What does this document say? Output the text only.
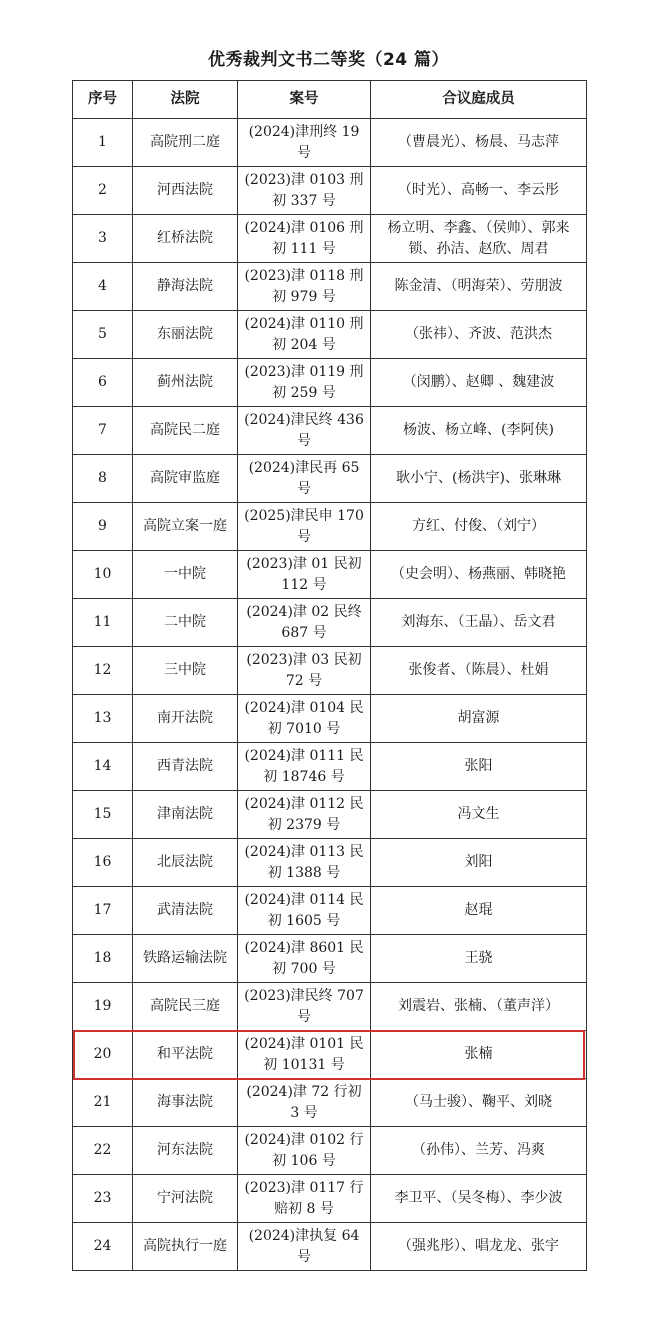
优秀裁判文书二等奖（24 篇）
序号	法院	案号	合议庭成员
1	高院刑二庭	(2024)津刑终 19 号	（曹晨光）、杨晨、马志萍
2	河西法院	(2023)津 0103 刑初 337 号	（时光）、高畅一、李云彤
3	红桥法院	(2024)津 0106 刑初 111 号	杨立明、李鑫、（侯帅）、郭来锁、孙洁、赵欣、周君
4	静海法院	(2023)津 0118 刑初 979 号	陈金清、（明海荣）、劳朋波
5	东丽法院	(2024)津 0110 刑初 204 号	（张祎）、齐波、范洪杰
6	蓟州法院	(2023)津 0119 刑初 259 号	（闵鹏）、赵卿 、魏建波
7	高院民二庭	(2024)津民终 436 号	杨波、杨立峰、(李阿侠)
8	高院审监庭	(2024)津民再 65 号	耿小宁、(杨洪宇)、张琳琳
9	高院立案一庭	(2025)津民申 170 号	方红、付俊、（刘宁）
10	一中院	(2023)津 01 民初 112 号	（史会明）、杨燕丽、韩晓艳
11	二中院	(2024)津 02 民终 687 号	刘海东、（王晶）、岳文君
12	三中院	(2023)津 03 民初 72 号	张俊者、（陈晨）、杜娟
13	南开法院	(2024)津 0104 民初 7010 号	胡富源
14	西青法院	(2024)津 0111 民初 18746 号	张阳
15	津南法院	(2024)津 0112 民初 2379 号	冯文生
16	北辰法院	(2024)津 0113 民初 1388 号	刘阳
17	武清法院	(2024)津 0114 民初 1605 号	赵琨
18	铁路运输法院	(2024)津 8601 民初 700 号	王骁
19	高院民三庭	(2023)津民终 707 号	刘震岩、张楠、（董声洋）
20	和平法院	(2024)津 0101 民初 10131 号	张楠
21	海事法院	(2024)津 72 行初 3 号	（马士骏）、鞠平、刘晓
22	河东法院	(2024)津 0102 行初 106 号	（孙伟）、兰芳、冯爽
23	宁河法院	(2023)津 0117 行赔初 8 号	李卫平、（吴冬梅）、李少波
24	高院执行一庭	(2024)津执复 64 号	（强兆彤）、唱龙龙、张宇
